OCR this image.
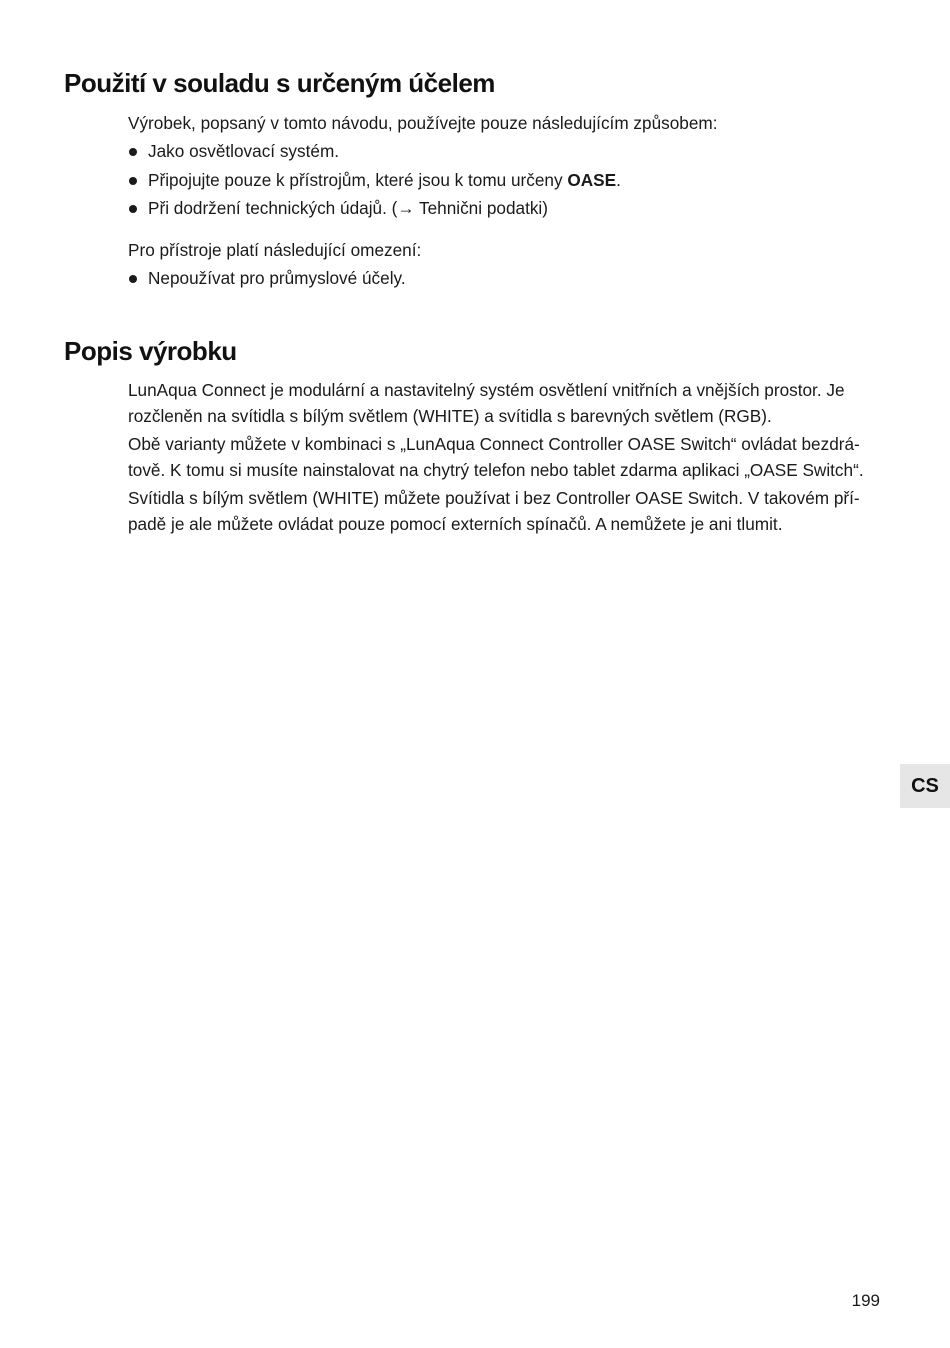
Použití v souladu s určeným účelem

Výrobek, popsaný v tomto návodu, používejte pouze následujícím způsobem:

Jako osvětlovací systém.
Připojujte pouze k přístrojům, které jsou k tomu určeny OASE.
Při dodržení technických údajů. (→ Tehnični podatki)

Pro přístroje platí následující omezení:

Nepoužívat pro průmyslové účely.
Popis výrobku

LunAqua Connect je modulární a nastavitelný systém osvětlení vnitřních a vnějších prostor. Je
rozčleněn na svítidla s bílým světlem (WHITE) a svítidla s barevných světlem (RGB).

Obě varianty můžete v kombinaci s „LunAqua Connect Controller OASE Switch“ ovládat bezdrá-
tově. K tomu si musíte nainstalovat na chytrý telefon nebo tablet zdarma aplikaci „OASE Switch“.

Svítidla s bílým světlem (WHITE) můžete používat i bez Controller OASE Switch. V takovém pří-
padě je ale můžete ovládat pouze pomocí externích spínačů. A nemůžete je ani tlumit.

CS
199
